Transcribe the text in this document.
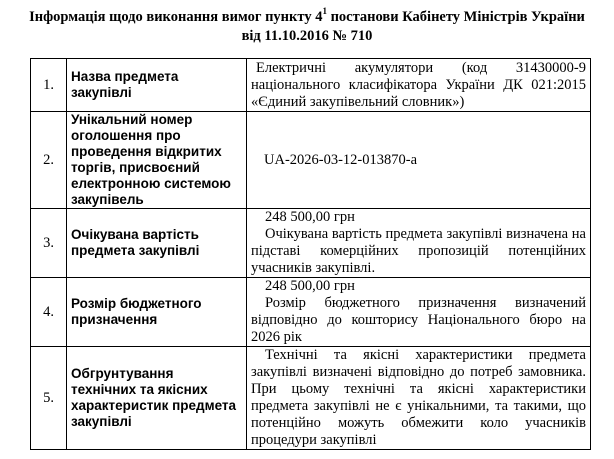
Інформація щодо виконання вимог пункту $4^1$ постанови Кабінету Міністрів України
від 11.10.2016 № 710
1.	Назва предмета закупівлі	Електричні акумулятори (код 31430000-9 національного класифікатора України ДК 021:2015 «Єдиний закупівельний словник»)

2.	Унікальний номер оголошення про проведення відкритих торгів, присвоєний електронною системою закупівель	UA-2026-03-12-013870-a

3.	Очікувана вартість предмета закупівлі	248 500,00 грн
Очікувана вартість предмета закупівлі визначена на підставі комерційних пропозицій потенційних учасників закупівлі.

4.	Розмір бюджетного призначення	248 500,00 грн
Розмір бюджетного призначення визначений відповідно до кошторису Національного бюро на 2026 рік

5.	Обгрунтування технічних та якісних характеристик предмета закупівлі	Технічні та якісні характеристики предмета закупівлі визначені відповідно до потреб замовника. При цьому технічні та якісні характеристики предмета закупівлі не є унікальними, та такими, що потенційно можуть обмежити коло учасників процедури закупівлі
